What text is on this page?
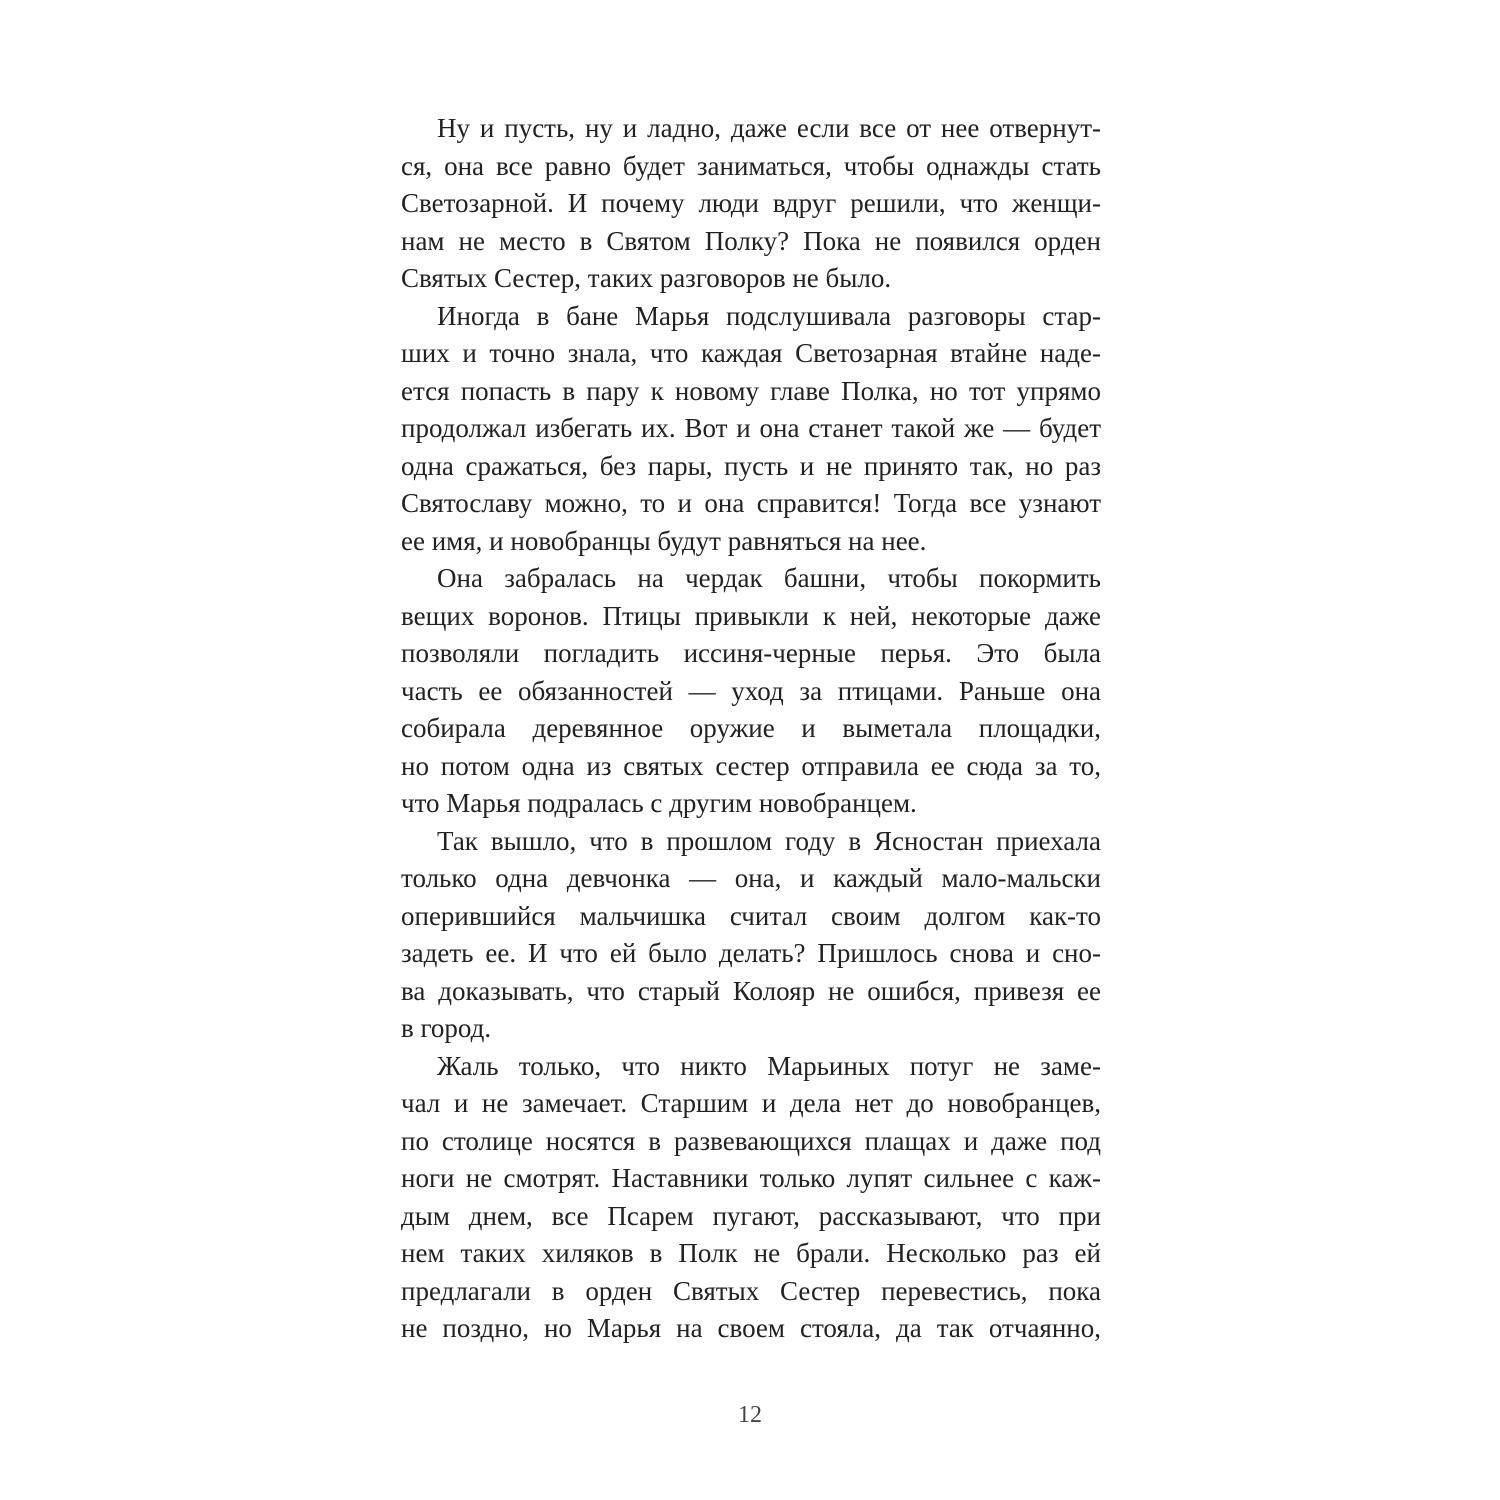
Ну и пусть, ну и ладно, даже если все от нее отвернут-
ся, она все равно будет заниматься, чтобы однажды стать
Светозарной. И почему люди вдруг решили, что женщи-
нам не место в Святом Полку? Пока не появился орден
Святых Сестер, таких разговоров не было.
Иногда в бане Марья подслушивала разговоры стар-
ших и точно знала, что каждая Светозарная втайне наде-
ется попасть в пару к новому главе Полка, но тот упрямо
продолжал избегать их. Вот и она станет такой же — будет
одна сражаться, без пары, пусть и не принято так, но раз
Святославу можно, то и она справится! Тогда все узнают
ее имя, и новобранцы будут равняться на нее.
Она забралась на чердак башни, чтобы покормить
вещих воронов. Птицы привыкли к ней, некоторые даже
позволяли погладить иссиня-черные перья. Это была
часть ее обязанностей — уход за птицами. Раньше она
собирала деревянное оружие и выметала площадки,
но потом одна из святых сестер отправила ее сюда за то,
что Марья подралась с другим новобранцем.
Так вышло, что в прошлом году в Ясностан приехала
только одна девчонка — она, и каждый мало-мальски
оперившийся мальчишка считал своим долгом как-то
задеть ее. И что ей было делать? Пришлось снова и сно-
ва доказывать, что старый Колояр не ошибся, привезя ее
в город.
Жаль только, что никто Марьиных потуг не заме-
чал и не замечает. Старшим и дела нет до новобранцев,
по столице носятся в развевающихся плащах и даже под
ноги не смотрят. Наставники только лупят сильнее с каж-
дым днем, все Псарем пугают, рассказывают, что при
нем таких хиляков в Полк не брали. Несколько раз ей
предлагали в орден Святых Сестер перевестись, пока
не поздно, но Марья на своем стояла, да так отчаянно,
12
